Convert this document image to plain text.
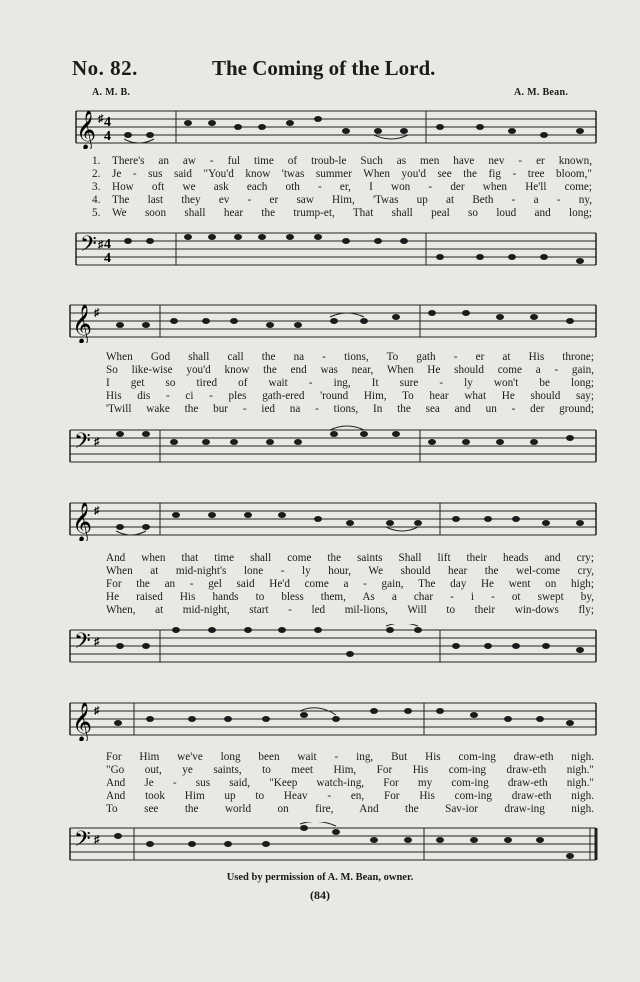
No. 82.	The Coming of the Lord.
A. M. B.	A. M. Bean.
𝄞 ♯ 4
4
1.	There's an aw - ful time of troub-le Such as men have nev - er known,
2.	Je - sus said "You'd know 'twas summer When you'd see the fig - tree bloom,"
3.	How oft we ask each oth - er, I won - der when He'll come;
4.	The last they ev - er saw Him, 'Twas up at Beth - a - ny,
5.	We soon shall hear the trump-et, That shall peal so loud and long;
𝄢 ♯ 4
4
𝄞 ♯
When God shall call the na - tions, To gath - er at His throne;
So like-wise you'd know the end was near, When He should come a - gain,
I get so tired of wait - ing, It sure - ly won't be long;
His dis - ci - ples gath-ered 'round Him, To hear what He should say;
'Twill wake the bur - ied na - tions, In the sea and un - der ground;
𝄢 ♯
𝄞 ♯
And when that time shall come the saints Shall lift their heads and cry;
When at mid-night's lone - ly hour, We should hear the wel-come cry,
For the an - gel said He'd come a - gain, The day He went on high;
He raised His hands to bless them, As a char - i - ot swept by,
When, at mid-night, start - led mil-lions, Will to their win-dows fly;
𝄢 ♯
𝄞 ♯
For Him we've long been wait - ing, But His com-ing draw-eth nigh.
"Go out, ye saints, to meet Him, For His com-ing draw-eth nigh."
And Je - sus said, "Keep watch-ing, For my com-ing draw-eth nigh."
And took Him up to Heav - en, For His com-ing draw-eth nigh.
To see the world on fire, And the Sav-ior draw-ing nigh.
𝄢 ♯
Used by permission of A. M. Bean, owner.
(84)
